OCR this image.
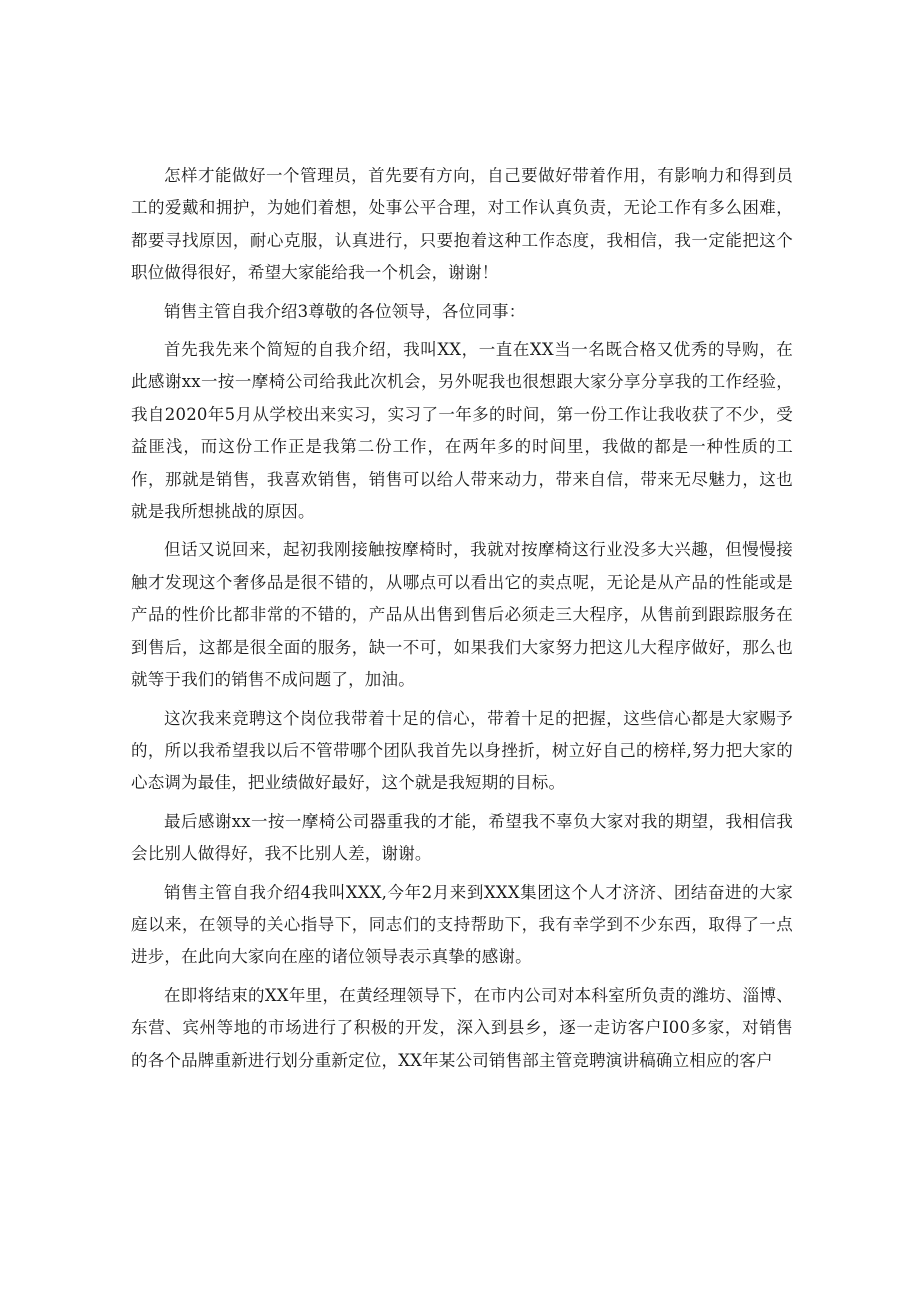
怎样才能做好一个管理员，首先要有方向，自己要做好带着作用，有影响力和得到员工的爱戴和拥护，为她们着想，处事公平合理，对工作认真负责，无论工作有多么困难，都要寻找原因，耐心克服，认真进行，只要抱着这种工作态度，我相信，我一定能把这个职位做得很好，希望大家能给我一个机会，谢谢！

销售主管自我介绍3尊敬的各位领导，各位同事：

首先我先来个简短的自我介绍，我叫XX，一直在XX当一名既合格又优秀的导购，在此感谢xx一按一摩椅公司给我此次机会，另外呢我也很想跟大家分享分享我的工作经验，我自2020年5月从学校出来实习，实习了一年多的时间，第一份工作让我收获了不少，受益匪浅，而这份工作正是我第二份工作，在两年多的时间里，我做的都是一种性质的工作，那就是销售，我喜欢销售，销售可以给人带来动力，带来自信，带来无尽魅力，这也就是我所想挑战的原因。

但话又说回来，起初我刚接触按摩椅时，我就对按摩椅这行业没多大兴趣，但慢慢接触才发现这个奢侈品是很不错的，从哪点可以看出它的卖点呢，无论是从产品的性能或是产品的性价比都非常的不错的，产品从出售到售后必须走三大程序，从售前到跟踪服务在到售后，这都是很全面的服务，缺一不可，如果我们大家努力把这儿大程序做好，那么也就等于我们的销售不成问题了，加油。

这次我来竞聘这个岗位我带着十足的信心，带着十足的把握，这些信心都是大家赐予的，所以我希望我以后不管带哪个团队我首先以身挫折，树立好自己的榜样,努力把大家的心态调为最佳，把业绩做好最好，这个就是我短期的目标。

最后感谢xx一按一摩椅公司器重我的才能，希望我不辜负大家对我的期望，我相信我会比别人做得好，我不比别人差，谢谢。

销售主管自我介绍4我叫XXX,今年2月来到XXX集团这个人才济济、团结奋进的大家庭以来，在领导的关心指导下，同志们的支持帮助下，我有幸学到不少东西，取得了一点进步，在此向大家向在座的诸位领导表示真挚的感谢。

在即将结束的XX年里，在黄经理领导下，在市内公司对本科室所负责的潍坊、淄博、东营、宾州等地的市场进行了积极的开发，深入到县乡，逐一走访客户I00多家，对销售的各个品牌重新进行划分重新定位，XX年某公司销售部主管竞聘演讲稿确立相应的客户
